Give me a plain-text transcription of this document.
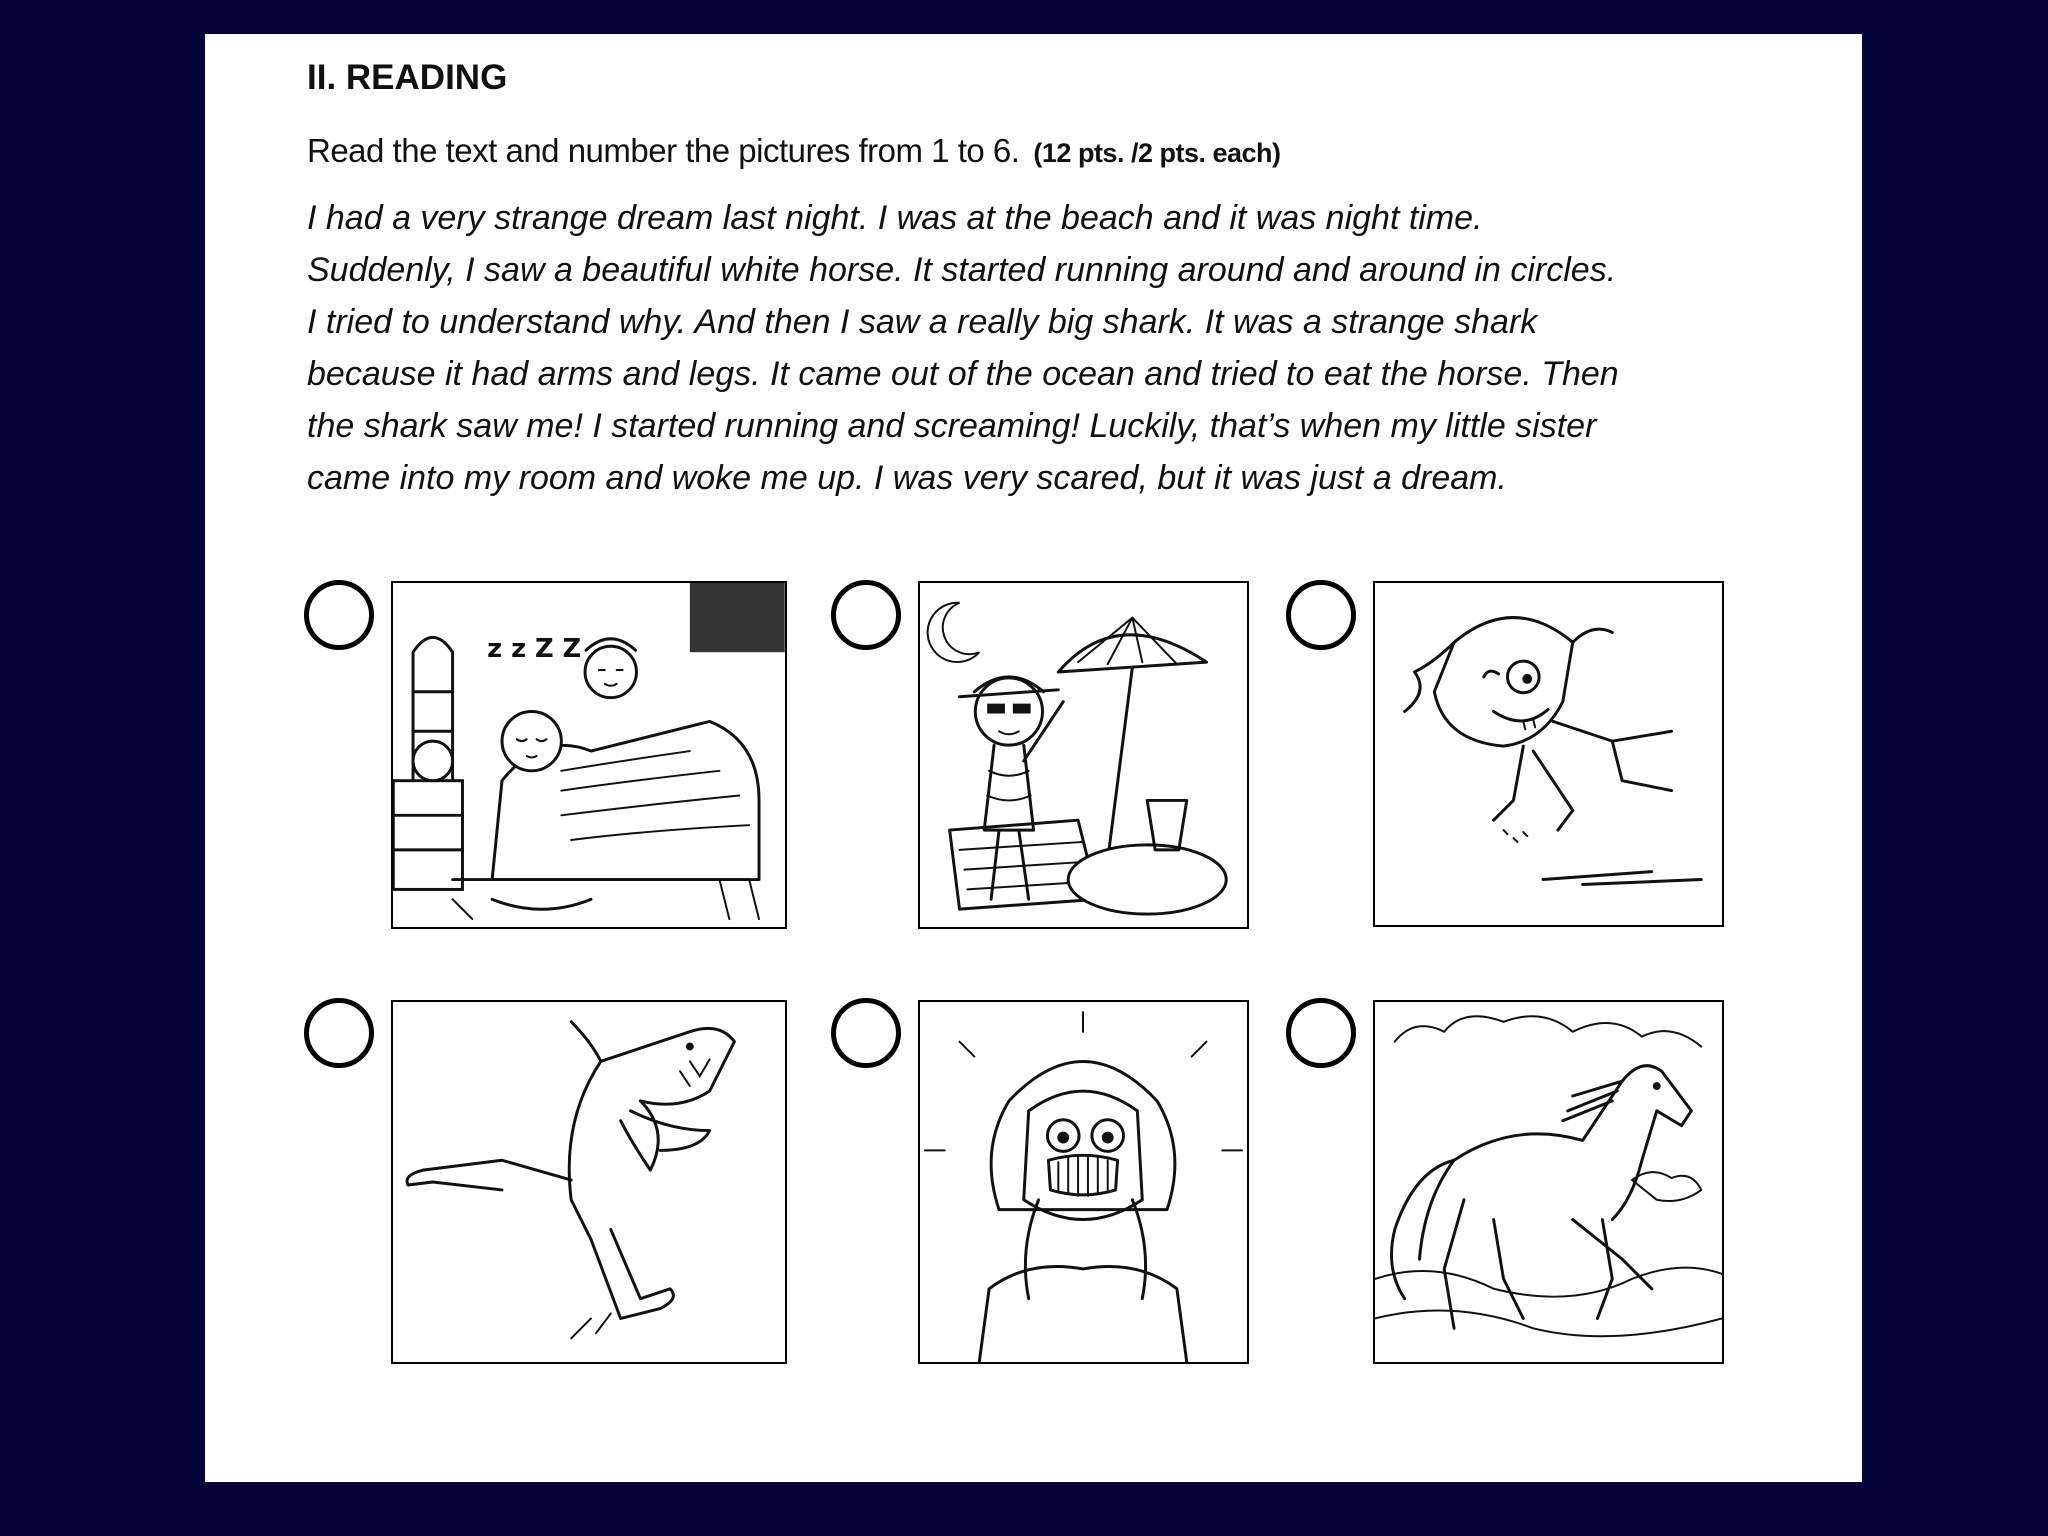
II. READING
Read the text and number the pictures from 1 to 6. (12 pts. /2 pts. each)

I had a very strange dream last night. I was at the beach and it was night time.
Suddenly, I saw a beautiful white horse. It started running around and around in circles.
I tried to understand why. And then I saw a really big shark. It was a strange shark
because it had arms and legs. It came out of the ocean and tried to eat the horse. Then
the shark saw me! I started running and screaming! Luckily, that’s when my little sister
came into my room and woke me up. I was very scared, but it was just a dream.

z z Z Z
